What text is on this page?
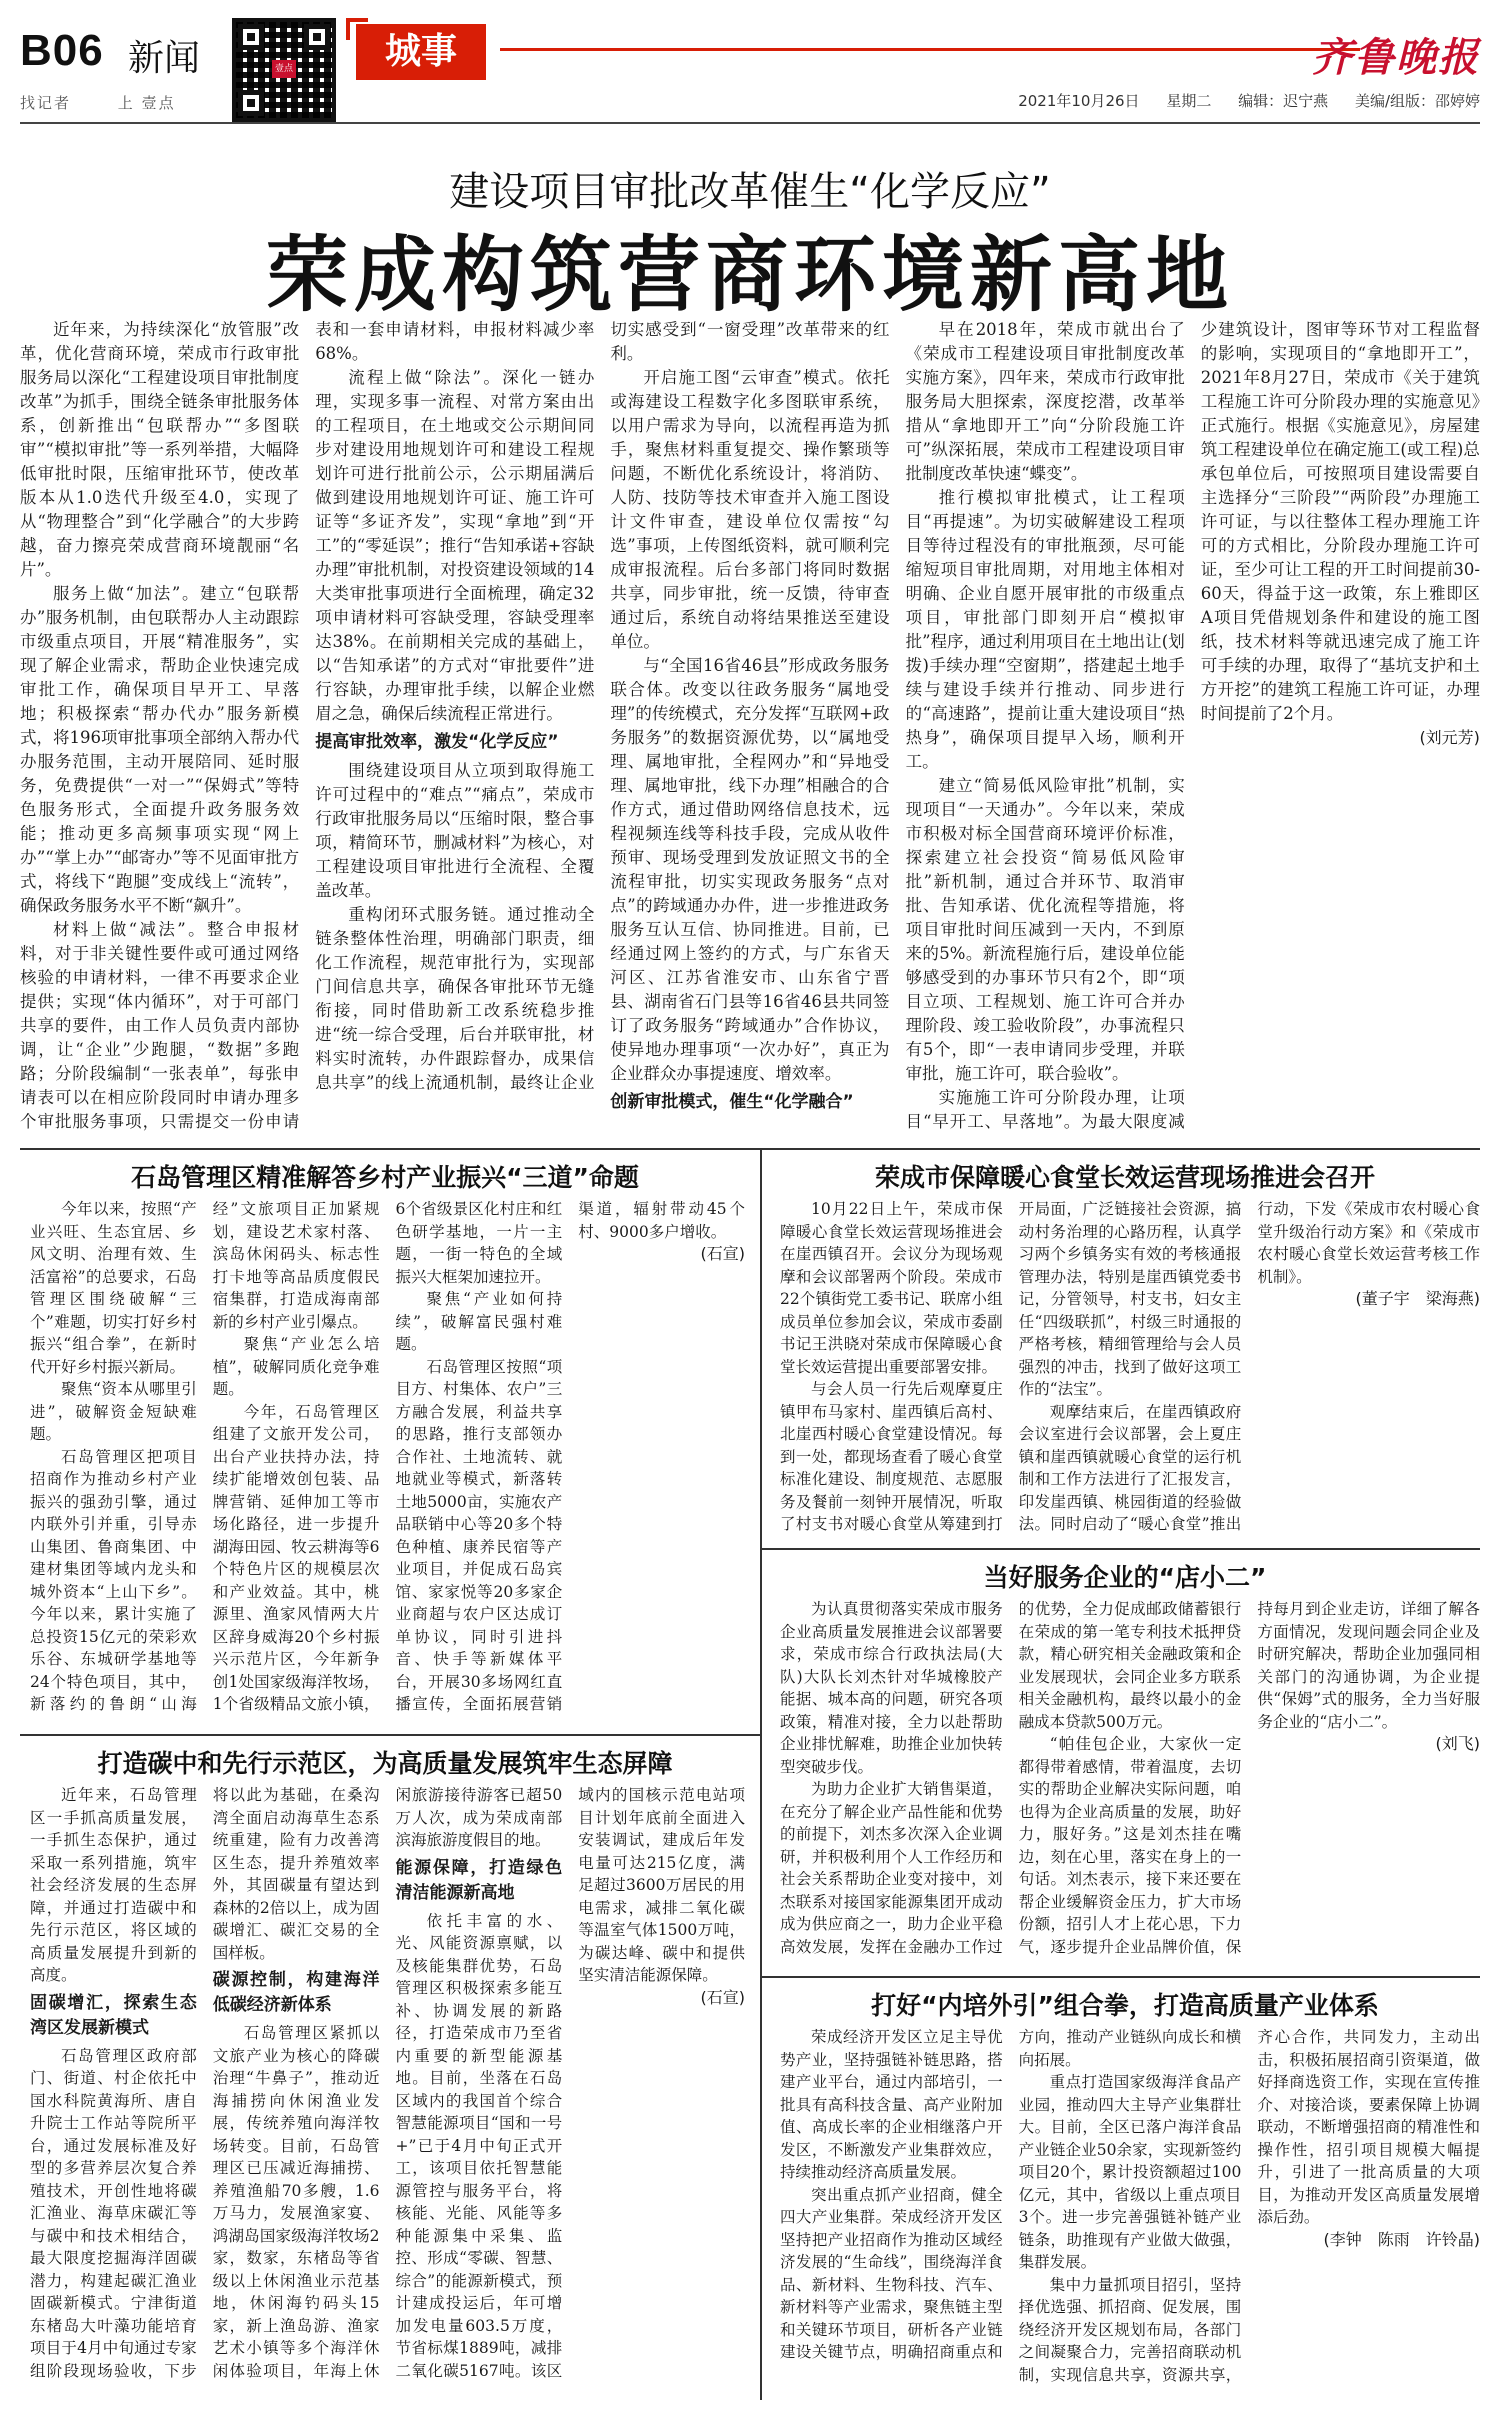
B06 新闻
找记者	上 壹点
壹点	城事	齐鲁晚报
2021年10月26日 星期二 编辑：迟宁燕 美编/组版：邵婷婷
建设项目审批改革催生“化学反应”
荣成构筑营商环境新高地

近年来，为持续深化“放管服”改革，优化营商环境，荣成市行政审批服务局以深化“工程建设项目审批制度改革”为抓手，围绕全链条审批服务体系，创新推出“包联帮办”“多图联审”“模拟审批”等一系列举措，大幅降低审批时限，压缩审批环节，使改革版本从1.0迭代升级至4.0，实现了从“物理整合”到“化学融合”的大步跨越，奋力擦亮荣成营商环境靓丽“名片”。

服务上做“加法”。建立“包联帮办”服务机制，由包联帮办人主动跟踪市级重点项目，开展“精准服务”，实现了解企业需求，帮助企业快速完成审批工作，确保项目早开工、早落地；积极探索“帮办代办”服务新模式，将196项审批事项全部纳入帮办代办服务范围，主动开展陪同、延时服务，免费提供“一对一”“保姆式”等特色服务形式，全面提升政务服务效能；推动更多高频事项实现“网上办”“掌上办”“邮寄办”等不见面审批方式，将线下“跑腿”变成线上“流转”，确保政务服务水平不断“飙升”。

材料上做“减法”。整合申报材料，对于非关键性要件或可通过网络核验的申请材料，一律不再要求企业提供；实现“体内循环”，对于可部门共享的要件，由工作人员负责内部协调，让“企业”少跑腿，“数据”多跑路；分阶段编制“一张表单”，每张申请表可以在相应阶段同时申请办理多个审批服务事项，只需提交一份申请表和一套申请材料，申报材料减少率68%。

流程上做“除法”。深化一链办理，实现多事一流程、对常方案由出的工程项目，在土地或交公示期间同步对建设用地规划许可和建设工程规划许可进行批前公示，公示期届满后做到建设用地规划许可证、施工许可证等“多证齐发”，实现“拿地”到“开工”的“零延误”；推行“告知承诺+容缺办理”审批机制，对投资建设领域的14大类审批事项进行全面梳理，确定32项申请材料可容缺受理，容缺受理率达38%。在前期相关完成的基础上，以“告知承诺”的方式对“审批要件”进行容缺，办理审批手续，以解企业燃眉之急，确保后续流程正常进行。

提高审批效率，激发“化学反应”

围绕建设项目从立项到取得施工许可过程中的“难点”“痛点”，荣成市行政审批服务局以“压缩时限，整合事项，精简环节，删减材料”为核心，对工程建设项目审批进行全流程、全覆盖改革。

重构闭环式服务链。通过推动全链条整体性治理，明确部门职责，细化工作流程，规范审批行为，实现部门间信息共享，确保各审批环节无缝衔接，同时借助新工改系统稳步推进“统一综合受理，后台并联审批，材料实时流转，办件跟踪督办，成果信息共享”的线上流通机制，最终让企业切实感受到“一窗受理”改革带来的红利。

开启施工图“云审查”模式。依托或海建设工程数字化多图联审系统，以用户需求为导向，以流程再造为抓手，聚焦材料重复提交、操作繁琐等问题，不断优化系统设计，将消防、人防、技防等技术审查并入施工图设计文件审查，建设单位仅需按“勾选”事项，上传图纸资料，就可顺利完成审报流程。后台多部门将同时数据共享，同步审批，统一反馈，待审查通过后，系统自动将结果推送至建设单位。

与“全国16省46县”形成政务服务联合体。改变以往政务服务“属地受理”的传统模式，充分发挥“互联网+政务服务”的数据资源优势，以“属地受理、属地审批，全程网办”和“异地受理、属地审批，线下办理”相融合的合作方式，通过借助网络信息技术，远程视频连线等科技手段，完成从收件预审、现场受理到发放证照文书的全流程审批，切实实现政务服务“点对点”的跨域通办办件，进一步推进政务服务互认互信、协同推进。目前，已经通过网上签约的方式，与广东省天河区、江苏省淮安市、山东省宁晋县、湖南省石门县等16省46县共同签订了政务服务“跨域通办”合作协议，使异地办理事项“一次办好”，真正为企业群众办事提速度、增效率。

创新审批模式，催生“化学融合”

早在2018年，荣成市就出台了《荣成市工程建设项目审批制度改革实施方案》，四年来，荣成市行政审批服务局大胆探索，深度挖潜，改革举措从“拿地即开工”向“分阶段施工许可”纵深拓展，荣成市工程建设项目审批制度改革快速“蝶变”。

推行模拟审批模式，让工程项目“再提速”。为切实破解建设工程项目等待过程没有的审批瓶颈，尽可能缩短项目审批周期，对用地主体相对明确、企业自愿开展审批的市级重点项目，审批部门即刻开启“模拟审批”程序，通过利用项目在土地出让(划拨)手续办理“空窗期”，搭建起土地手续与建设手续并行推动、同步进行的“高速路”，提前让重大建设项目“热热身”，确保项目提早入场，顺利开工。

建立“简易低风险审批”机制，实现项目“一天通办”。今年以来，荣成市积极对标全国营商环境评价标准，探索建立社会投资“简易低风险审批”新机制，通过合并环节、取消审批、告知承诺、优化流程等措施，将项目审批时间压减到一天内，不到原来的5%。新流程施行后，建设单位能够感受到的办事环节只有2个，即“项目立项、工程规划、施工许可合并办理阶段、竣工验收阶段”，办事流程只有5个，即“一表申请同步受理，并联审批，施工许可，联合验收”。

实施施工许可分阶段办理，让项目“早开工、早落地”。为最大限度减少建筑设计，图审等环节对工程监督的影响，实现项目的“拿地即开工”，2021年8月27日，荣成市《关于建筑工程施工许可分阶段办理的实施意见》正式施行。根据《实施意见》，房屋建筑工程建设单位在确定施工(或工程)总承包单位后，可按照项目建设需要自主选择分“三阶段”“两阶段”办理施工许可证，与以往整体工程办理施工许可的方式相比，分阶段办理施工许可证，至少可让工程的开工时间提前30-60天，得益于这一政策，东上雅即区A项目凭借规划条件和建设的施工图纸，技术材料等就迅速完成了施工许可手续的办理，取得了“基坑支护和土方开挖”的建筑工程施工许可证，办理时间提前了2个月。

(刘元芳)

石岛管理区精准解答乡村产业振兴“三道”命题

今年以来，按照“产业兴旺、生态宜居、乡风文明、治理有效、生活富裕”的总要求，石岛管理区围绕破解“三个”难题，切实打好乡村振兴“组合拳”，在新时代开好乡村振兴新局。

聚焦“资本从哪里引进”，破解资金短缺难题。

石岛管理区把项目招商作为推动乡村产业振兴的强劲引擎，通过内联外引并重，引导赤山集团、鲁商集团、中建材集团等域内龙头和城外资本“上山下乡”。今年以来，累计实施了总投资15亿元的荣彩欢乐谷、东城研学基地等24个特色项目，其中，新落约的鲁朗“山海经”文旅项目正加紧规划，建设艺术家村落、滨岛休闲码头、标志性打卡地等高品质度假民宿集群，打造成海南部新的乡村产业引爆点。

聚焦“产业怎么培植”，破解同质化竞争难题。

今年，石岛管理区组建了文旅开发公司，出台产业扶持办法，持续扩能增效创包装、品牌营销、延伸加工等市场化路径，进一步提升湖海田园、牧云耕海等6个特色片区的规模层次和产业效益。其中，桃源里、渔家风情两大片区辞身威海20个乡村振兴示范片区，今年新争创1处国家级海洋牧场，1个省级精品文旅小镇，6个省级景区化村庄和红色研学基地，一片一主题，一街一特色的全域振兴大框架加速拉开。

聚焦“产业如何持续”，破解富民强村难题。

石岛管理区按照“项目方、村集体、农户”三方融合发展，利益共享的思路，推行支部领办合作社、土地流转、就地就业等模式，新落转土地5000亩，实施农产品联销中心等20多个特色种植、康养民宿等产业项目，并促成石岛宾馆、家家悦等20多家企业商超与农户区达成订单协议，同时引进抖音、快手等新媒体平台，开展30多场网红直播宣传，全面拓展营销渠道，辐射带动45个村、9000多户增收。

(石宣)

打造碳中和先行示范区，为高质量发展筑牢生态屏障

近年来，石岛管理区一手抓高质量发展，一手抓生态保护，通过采取一系列措施，筑牢社会经济发展的生态屏障，并通过打造碳中和先行示范区，将区域的高质量发展提升到新的高度。

固碳增汇，探索生态湾区发展新模式

石岛管理区政府部门、街道、村企依托中国水科院黄海所、唐自升院士工作站等院所平台，通过发展标准及好型的多营养层次复合养殖技术，开创性地将碳汇渔业、海草床碳汇等与碳中和技术相结合，最大限度挖掘海洋固碳潜力，构建起碳汇渔业固碳新模式。宁津街道东楮岛大叶藻功能培育项目于4月中旬通过专家组阶段现场验收，下步将以此为基础，在桑沟湾全面启动海草生态系统重建，险有力改善湾区生态，提升养殖效率外，其固碳量有望达到森林的2倍以上，成为固碳增汇、碳汇交易的全国样板。

碳源控制，构建海洋低碳经济新体系

石岛管理区紧抓以文旅产业为核心的降碳治理“牛鼻子”，推动近海捕捞向休闲渔业发展，传统养殖向海洋牧场转变。目前，石岛管理区已压减近海捕捞、养殖渔船70多艘，1.6万马力，发展渔家宴、鸿湖岛国家级海洋牧场2家，数家，东楮岛等省级以上休闲渔业示范基地，休闲海钓码头15家，新上渔岛游、渔家艺术小镇等多个海洋休闲体验项目，年海上休闲旅游接待游客已超50万人次，成为荣成南部滨海旅游度假目的地。

能源保障，打造绿色清洁能源新高地

依托丰富的水、光、风能资源禀赋，以及核能集群优势，石岛管理区积极探索多能互补、协调发展的新路径，打造荣成市乃至省内重要的新型能源基地。目前，坐落在石岛区域内的我国首个综合智慧能源项目“国和一号+”已于4月中旬正式开工，该项目依托智慧能源管控与服务平台，将核能、光能、风能等多种能源集中采集、监控、形成“零碳、智慧、综合”的能源新模式，预计建成投运后，年可增加发电量603.5万度，节省标煤1889吨，减排二氧化碳5167吨。该区域内的国核示范电站项目计划年底前全面进入安装调试，建成后年发电量可达215亿度，满足超过3600万居民的用电需求，减排二氧化碳等温室气体1500万吨，为碳达峰、碳中和提供坚实清洁能源保障。

(石宣)

荣成市保障暖心食堂长效运营现场推进会召开

10月22日上午，荣成市保障暖心食堂长效运营现场推进会在崖西镇召开。会议分为现场观摩和会议部署两个阶段。荣成市22个镇街党工委书记、联席小组成员单位参加会议，荣成市委副书记王洪晓对荣成市保障暖心食堂长效运营提出重要部署安排。

与会人员一行先后观摩夏庄镇甲布马家村、崖西镇后高村、北崖西村暖心食堂建设情况。每到一处，都现场查看了暖心食堂标准化建设、制度规范、志愿服务及餐前一刻钟开展情况，听取了村支书对暖心食堂从筹建到打开局面，广泛链接社会资源，搞动村务治理的心路历程，认真学习两个乡镇务实有效的考核通报管理办法，特别是崖西镇党委书记，分管领导，村支书，妇女主任“四级联抓”，村级三时通报的严格考核，精细管理给与会人员强烈的冲击，找到了做好这项工作的“法宝”。

观摩结束后，在崖西镇政府会议室进行会议部署，会上夏庄镇和崖西镇就暖心食堂的运行机制和工作方法进行了汇报发言，印发崖西镇、桃园街道的经验做法。同时启动了“暖心食堂”推出行动，下发《荣成市农村暖心食堂升级治行动方案》和《荣成市农村暖心食堂长效运营考核工作机制》。

(董子宇　梁海燕)

当好服务企业的“店小二”

为认真贯彻落实荣成市服务企业高质量发展推进会议部署要求，荣成市综合行政执法局(大队)大队长刘杰针对华城橡胶产能据、城本高的问题，研究各项政策，精准对接，全力以赴帮助企业排忧解难，助推企业加快转型突破步伐。

为助力企业扩大销售渠道，在充分了解企业产品性能和优势的前提下，刘杰多次深入企业调研，并积极利用个人工作经历和社会关系帮助企业变对接中，刘杰联系对接国家能源集团开成动成为供应商之一，助力企业平稳高效发展，发挥在金融办工作过的优势，全力促成邮政储蓄银行在荣成的第一笔专利技术抵押贷款，精心研究相关金融政策和企业发展现状，会同企业多方联系相关金融机构，最终以最小的金融成本贷款500万元。

“帕佳包企业，大家伙一定都得带着感情，带着温度，去切实的帮助企业解决实际问题，咱也得为企业高质量的发展，助好力，服好务。”这是刘杰挂在嘴边，刻在心里，落实在身上的一句话。刘杰表示，接下来还要在帮企业缓解资金压力，扩大市场份额，招引人才上花心思，下力气，逐步提升企业品牌价值，保持每月到企业走访，详细了解各方面情况，发现问题会同企业及时研究解决，帮助企业加强同相关部门的沟通协调，为企业提供“保姆”式的服务，全力当好服务企业的“店小二”。

(刘飞)

打好“内培外引”组合拳，打造高质量产业体系

荣成经济开发区立足主导优势产业，坚持强链补链思路，搭建产业平台，通过内部培引，一批具有高科技含量、高产业附加值、高成长率的企业相继落户开发区，不断激发产业集群效应，持续推动经济高质量发展。

突出重点抓产业招商，健全四大产业集群。荣成经济开发区坚持把产业招商作为推动区域经济发展的“生命线”，围绕海洋食品、新材料、生物科技、汽车、新材料等产业需求，聚焦链主型和关键环节项目，研析各产业链建设关键节点，明确招商重点和方向，推动产业链纵向成长和横向拓展。

重点打造国家级海洋食品产业园，推动四大主导产业集群壮大。目前，全区已落户海洋食品产业链企业50余家，实现新签约项目20个，累计投资额超过100亿元，其中，省级以上重点项目3个。进一步完善强链补链产业链条，助推现有产业做大做强，集群发展。

集中力量抓项目招引，坚持择优选强、抓招商、促发展，围绕经济开发区规划布局，各部门之间凝聚合力，完善招商联动机制，实现信息共享，资源共享，齐心合作，共同发力，主动出击，积极拓展招商引资渠道，做好择商选资工作，实现在宣传推介、对接洽谈，要素保障上协调联动，不断增强招商的精准性和操作性，招引项目规模大幅提升，引进了一批高质量的大项目，为推动开发区高质量发展增添后劲。

(李钟　陈雨　许铃晶)
